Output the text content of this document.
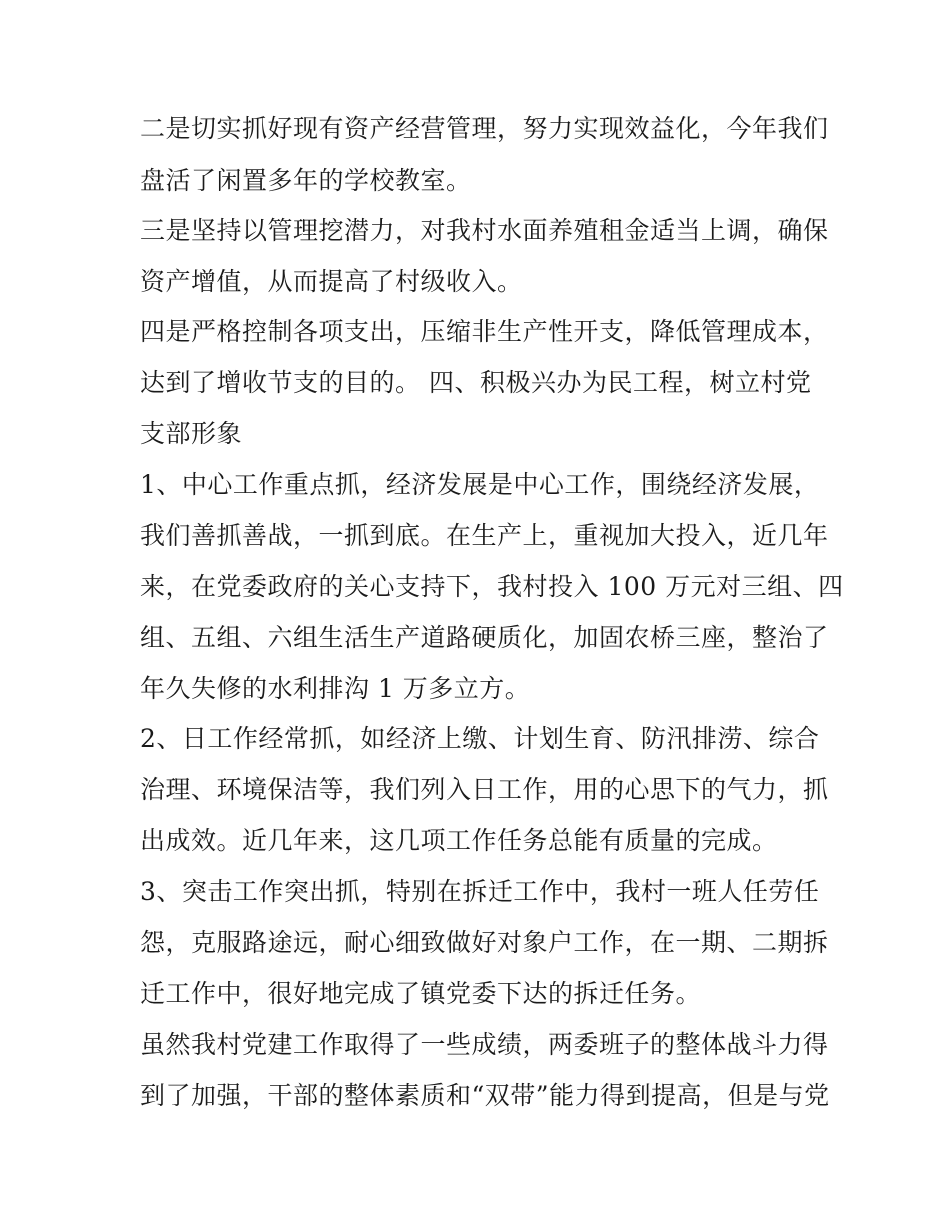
二是切实抓好现有资产经营管理，努力实现效益化，今年我们
盘活了闲置多年的学校教室。
三是坚持以管理挖潜力，对我村水面养殖租金适当上调，确保
资产增值，从而提高了村级收入。
四是严格控制各项支出，压缩非生产性开支，降低管理成本，
达到了增收节支的目的。 四、积极兴办为民工程，树立村党
支部形象
1、中心工作重点抓，经济发展是中心工作，围绕经济发展，
我们善抓善战，一抓到底。在生产上，重视加大投入，近几年
来，在党委政府的关心支持下，我村投入 100 万元对三组、四
组、五组、六组生活生产道路硬质化，加固农桥三座，整治了
年久失修的水利排沟 1 万多立方。
2、日工作经常抓，如经济上缴、计划生育、防汛排涝、综合
治理、环境保洁等，我们列入日工作，用的心思下的气力，抓
出成效。近几年来，这几项工作任务总能有质量的完成。
3、突击工作突出抓，特别在拆迁工作中，我村一班人任劳任
怨，克服路途远，耐心细致做好对象户工作，在一期、二期拆
迁工作中，很好地完成了镇党委下达的拆迁任务。
虽然我村党建工作取得了一些成绩，两委班子的整体战斗力得
到了加强，干部的整体素质和“双带”能力得到提高，但是与党
